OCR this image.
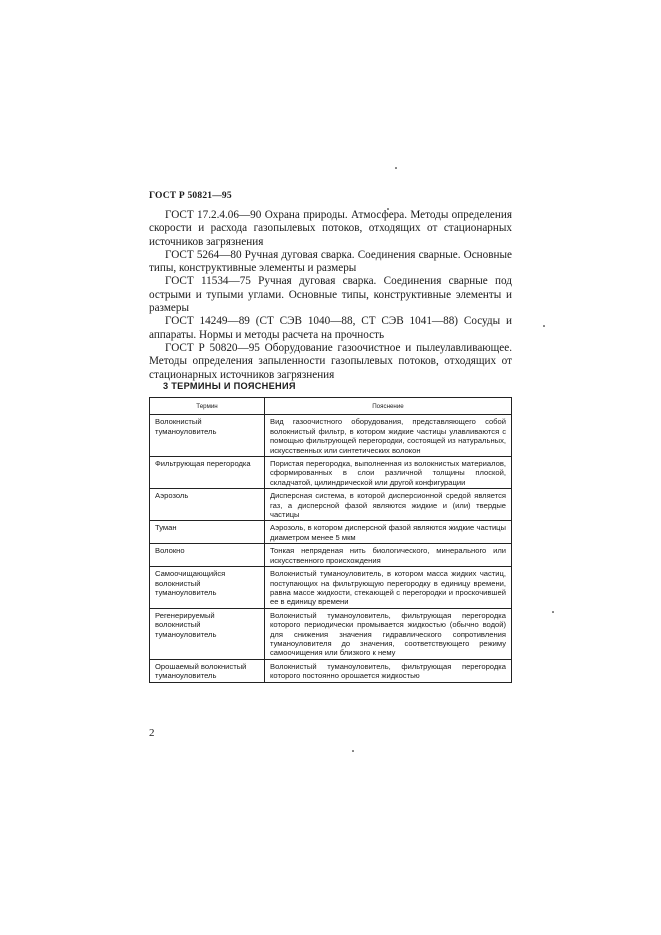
ГОСТ Р 50821—95

ГОСТ 17.2.4.06—90 Охрана природы. Атмосфера. Методы определения скорости и расхода газопылевых потоков, отходящих от стационарных источников загрязнения

ГОСТ 5264—80 Ручная дуговая сварка. Соединения сварные. Основные типы, конструктивные элементы и размеры

ГОСТ 11534—75 Ручная дуговая сварка. Соединения сварные под острыми и тупыми углами. Основные типы, конструктивные элементы и размеры

ГОСТ 14249—89 (СТ СЭВ 1040—88, СТ СЭВ 1041—88) Сосуды и аппараты. Нормы и методы расчета на прочность

ГОСТ Р 50820—95 Оборудование газоочистное и пылеулавливающее. Методы определения запыленности газопылевых потоков, отходящих от стационарных источников загрязнения

3 ТЕРМИНЫ И ПОЯСНЕНИЯ
Термин	Пояснение
Волокнистый туманоуловитель	Вид газоочистного оборудования, представляющего собой волокнистый фильтр, в котором жидкие частицы улавливаются с помощью фильтрующей перегородки, состоящей из натуральных, искусственных или синтетических волокон
Фильтрующая перегородка	Пористая перегородка, выполненная из волокнистых материалов, сформированных в слои различной толщины плоской, складчатой, цилиндрической или другой конфигурации
Аэрозоль	Дисперсная система, в которой дисперсионной средой является газ, а дисперсной фазой являются жидкие и (или) твердые частицы
Туман	Аэрозоль, в котором дисперсной фазой являются жидкие частицы диаметром менее 5 мкм
Волокно	Тонкая непряденая нить биологического, минерального или искусственного происхождения
Самоочищающийся волокнистый туманоуловитель	Волокнистый туманоуловитель, в котором масса жидких частиц, поступающих на фильтрующую перегородку в единицу времени, равна массе жидкости, стекающей с перегородки и проскочившей ее в единицу времени
Регенерируемый волокнистый туманоуловитель	Волокнистый туманоуловитель, фильтрующая перегородка которого периодически промывается жидкостью (обычно водой) для снижения значения гидравлического сопротивления туманоуловителя до значения, соответствующего режиму самоочищения или близкого к нему
Орошаемый волокнистый туманоуловитель	Волокнистый туманоуловитель, фильтрующая перегородка которого постоянно орошается жидкостью
2
